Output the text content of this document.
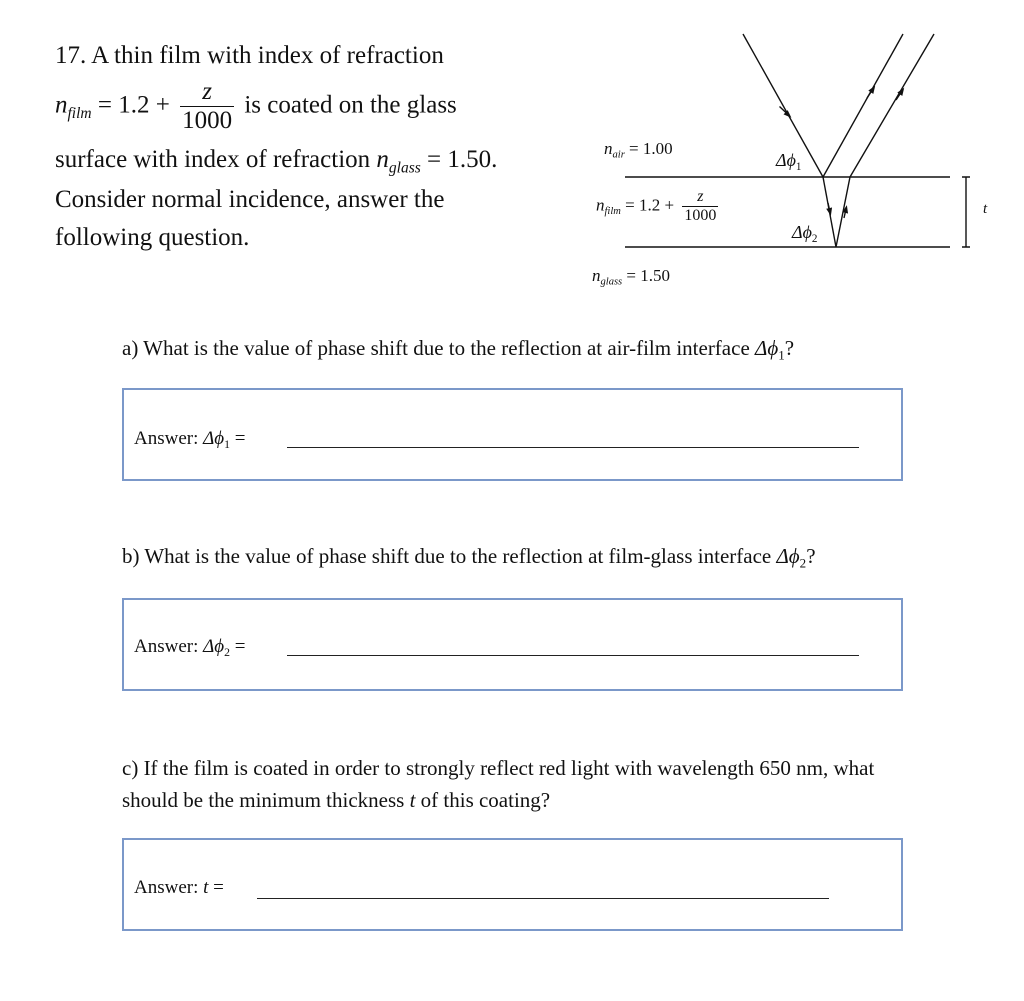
17. A thin film with index of refraction
$n_{film} = 1.2 + \frac{z}{1000}$ is coated on the glass
surface with index of refraction $n_{glass} = 1.50$.
Consider normal incidence, answer the
following question.
$n_{air} = 1.00$
$n_{film} = 1.2 + \frac{z}{1000}$
$n_{glass} = 1.50$
$\Delta\phi_1$
$\Delta\phi_2$
t
a) What is the value of phase shift due to the reflection at air-film interface $\Delta\phi_1$?
Answer: $\Delta\phi_1$ =
b) What is the value of phase shift due to the reflection at film-glass interface $\Delta\phi_2$?
Answer: $\Delta\phi_2$ =
c) If the film is coated in order to strongly reflect red light with wavelength 650 nm, what
should be the minimum thickness t of this coating?
Answer: t =
